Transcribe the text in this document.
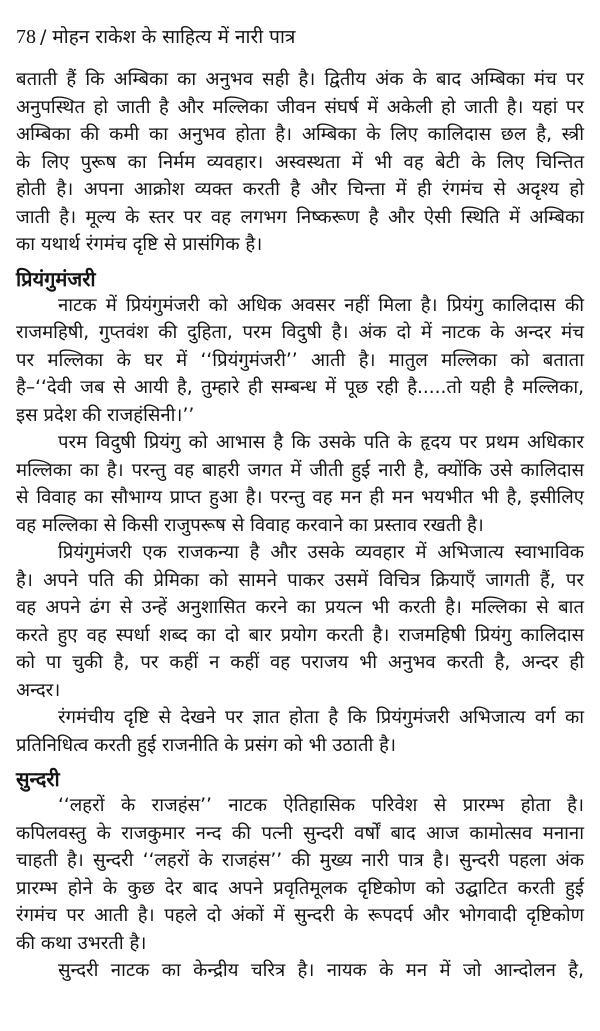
78 / मोहन राकेश के साहित्य में नारी पात्र
बताती हैं कि अम्बिका का अनुभव सही है। द्वितीय अंक के बाद अम्बिका मंच पर
अनुपस्थित हो जाती है और मल्लिका जीवन संघर्ष में अकेली हो जाती है। यहां पर
अम्बिका की कमी का अनुभव होता है। अम्बिका के लिए कालिदास छल है, स्त्री
के लिए पुरूष का निर्मम व्यवहार। अस्वस्थता में भी वह बेटी के लिए चिन्तित
होती है। अपना आक्रोश व्यक्त करती है और चिन्ता में ही रंगमंच से अदृश्य हो
जाती है। मूल्य के स्तर पर वह लगभग निष्करूण है और ऐसी स्थिति में अम्बिका
का यथार्थ रंगमंच दृष्टि से प्रासंगिक है।
प्रियंगुमंजरी
नाटक में प्रियंगुमंजरी को अधिक अवसर नहीं मिला है। प्रियंगु कालिदास की
राजमहिषी, गुप्तवंश की दुहिता, परम विदुषी है। अंक दो में नाटक के अन्दर मंच
पर मल्लिका के घर में ‘‘प्रियंगुमंजरी’’ आती है। मातुल मल्लिका को बताता
है–‘‘देवी जब से आयी है, तुम्हारे ही सम्बन्ध में पूछ रही है.....तो यही है मल्लिका,
इस प्रदेश की राजहंसिनी।’’
परम विदुषी प्रियंगु को आभास है कि उसके पति के हृदय पर प्रथम अधिकार
मल्लिका का है। परन्तु वह बाहरी जगत में जीती हुई नारी है, क्योंकि उसे कालिदास
से विवाह का सौभाग्य प्राप्त हुआ है। परन्तु वह मन ही मन भयभीत भी है, इसीलिए
वह मल्लिका से किसी राजुपरूष से विवाह करवाने का प्रस्ताव रखती है।
प्रियंगुमंजरी एक राजकन्या है और उसके व्यवहार में अभिजात्य स्वाभाविक
है। अपने पति की प्रेमिका को सामने पाकर उसमें विचित्र क्रियाएँ जागती हैं, पर
वह अपने ढंग से उन्हें अनुशासित करने का प्रयत्न भी करती है। मल्लिका से बात
करते हुए वह स्पर्धा शब्द का दो बार प्रयोग करती है। राजमहिषी प्रियंगु कालिदास
को पा चुकी है, पर कहीं न कहीं वह पराजय भी अनुभव करती है, अन्दर ही
अन्दर।
रंगमंचीय दृष्टि से देखने पर ज्ञात होता है कि प्रियंगुमंजरी अभिजात्य वर्ग का
प्रतिनिधित्व करती हुई राजनीति के प्रसंग को भी उठाती है।
सुन्दरी
‘‘लहरों के राजहंस’’ नाटक ऐतिहासिक परिवेश से प्रारम्भ होता है।
कपिलवस्तु के राजकुमार नन्द की पत्नी सुन्दरी वर्षों बाद आज कामोत्सव मनाना
चाहती है। सुन्दरी ‘‘लहरों के राजहंस’’ की मुख्य नारी पात्र है। सुन्दरी पहला अंक
प्रारम्भ होने के कुछ देर बाद अपने प्रवृतिमूलक दृष्टिकोण को उद्घाटित करती हुई
रंगमंच पर आती है। पहले दो अंकों में सुन्दरी के रूपदर्प और भोगवादी दृष्टिकोण
की कथा उभरती है।
सुन्दरी नाटक का केन्द्रीय चरित्र है। नायक के मन में जो आन्दोलन है,
